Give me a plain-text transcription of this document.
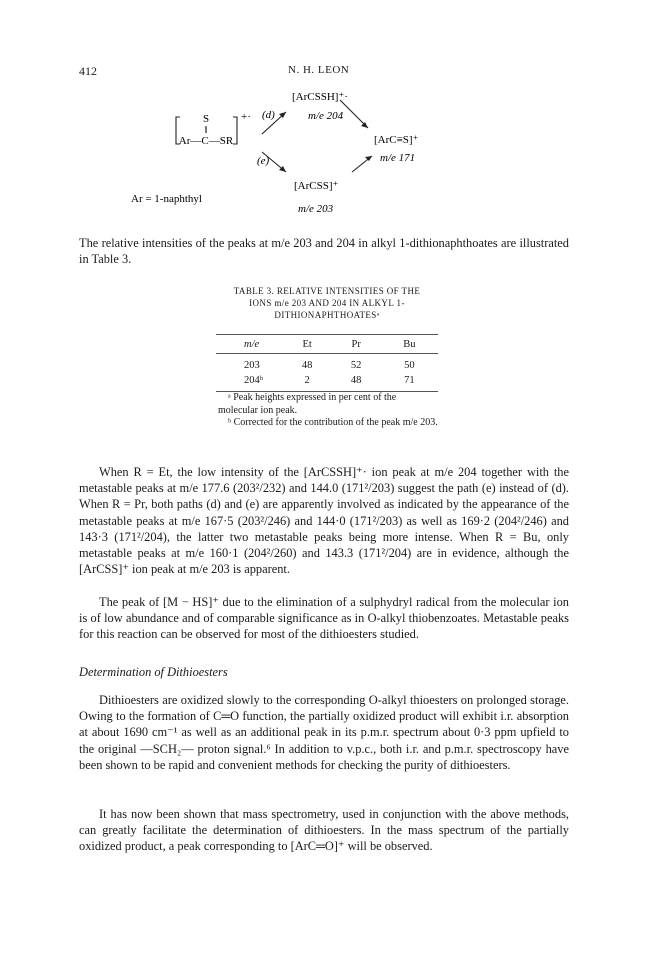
412	N. H. LEON
S
‖
Ar—C—SR
+· (d)
(e)
[ArCSSH]⁺·
m/e 204
[ArC≡S]⁺
m/e 171
[ArCSS]⁺
m/e 203
Ar = 1-naphthyl

The relative intensities of the peaks at m/e 203 and 204 in alkyl 1-dithionaphthoates are illustrated in Table 3.

TABLE 3. RELATIVE INTENSITIES OF THE
IONS m/e 203 AND 204 IN ALKYL 1-
DITHIONAPHTHOATESᵃ
m/e	Et	Pr	Bu
203	48	52	50
204ᵇ	2	48	71

ᵃ Peak heights expressed in per cent of the molecular ion peak.

ᵇ Corrected for the contribution of the peak m/e 203.

When R = Et, the low intensity of the [ArCSSH]⁺· ion peak at m/e 204 together with the metastable peaks at m/e 177.6 (203²/232) and 144.0 (171²/203) suggest the path (e) instead of (d). When R = Pr, both paths (d) and (e) are apparently involved as indicated by the appearance of the metastable peaks at m/e 167·5 (203²/246) and 144·0 (171²/203) as well as 169·2 (204²/246) and 143·3 (171²/204), the latter two metastable peaks being more intense. When R = Bu, only metastable peaks at m/e 160·1 (204²/260) and 143.3 (171²/204) are in evidence, although the [ArCSS]⁺ ion peak at m/e 203 is apparent.

The peak of [M − HS]⁺ due to the elimination of a sulphydryl radical from the molecular ion is of low abundance and of comparable significance as in O-alkyl thiobenzoates. Metastable peaks for this reaction can be observed for most of the dithioesters studied.

Determination of Dithioesters

Dithioesters are oxidized slowly to the corresponding O-alkyl thioesters on prolonged storage. Owing to the formation of C═O function, the partially oxidized product will exhibit i.r. absorption at about 1690 cm⁻¹ as well as an additional peak in its p.m.r. spectrum about 0·3 ppm upfield to the original —SCH₂— proton signal.⁶ In addition to v.p.c., both i.r. and p.m.r. spectroscopy have been shown to be rapid and convenient methods for checking the purity of dithioesters.

It has now been shown that mass spectrometry, used in conjunction with the above methods, can greatly facilitate the determination of dithioesters. In the mass spectrum of the partially oxidized product, a peak corresponding to [ArC═O]⁺ will be observed.
